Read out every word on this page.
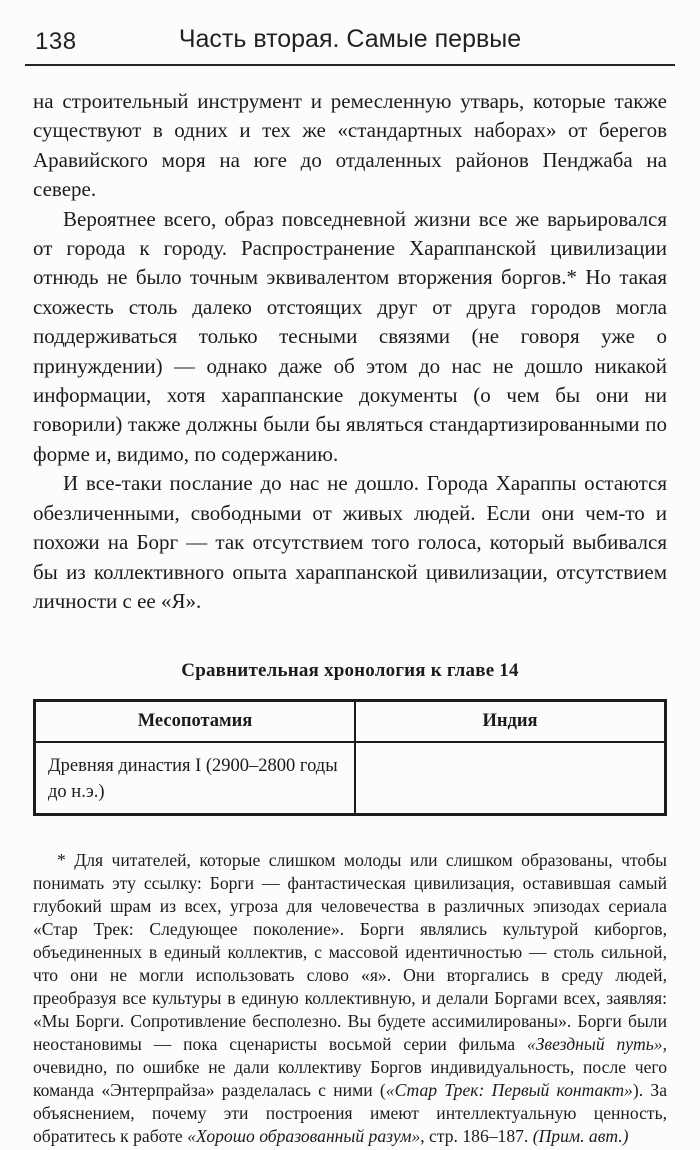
138	Часть вторая. Самые первые

на строительный инструмент и ремесленную утварь, которые также существуют в одних и тех же «стандартных наборах» от берегов Аравийского моря на юге до отдаленных районов Пенджаба на севере.

Вероятнее всего, образ повседневной жизни все же варьировался от города к городу. Распространение Хараппанской цивилизации отнюдь не было точным эквивалентом вторжения боргов.* Но такая схожесть столь далеко отстоящих друг от друга городов могла поддерживаться только тесными связями (не говоря уже о принуждении) — однако даже об этом до нас не дошло никакой информации, хотя хараппанские документы (о чем бы они ни говорили) также должны были бы являться стандартизированными по форме и, видимо, по содержанию.

И все-таки послание до нас не дошло. Города Хараппы остаются обезличенными, свободными от живых людей. Если они чем-то и похожи на Борг — так отсутствием того голоса, который выбивался бы из коллективного опыта хараппанской цивилизации, отсутствием личности с ее «Я».

Сравнительная хронология к главе 14
Месопотамия	Индия
Древняя династия I (2900–2800 годы до н.э.)	
* Для читателей, которые слишком молоды или слишком образованы, чтобы понимать эту ссылку: Борги — фантастическая цивилизация, оставившая самый глубокий шрам из всех, угроза для человечества в различных эпизодах сериала «Стар Трек: Следующее поколение». Борги являлись культурой киборгов, объединенных в единый коллектив, с массовой идентичностью — столь сильной, что они не могли использовать слово «я». Они вторгались в среду людей, преобразуя все культуры в единую коллективную, и делали Боргами всех, заявляя: «Мы Борги. Сопротивление бесполезно. Вы будете ассимилированы». Борги были неостановимы — пока сценаристы восьмой серии фильма «Звездный путь», очевидно, по ошибке не дали коллективу Боргов индивидуальность, после чего команда «Энтерпрайза» разделалась с ними («Стар Трек: Первый контакт»). За объяснением, почему эти построения имеют интеллектуальную ценность, обратитесь к работе «Хорошо образованный разум», стр. 186–187. (Прим. авт.)
